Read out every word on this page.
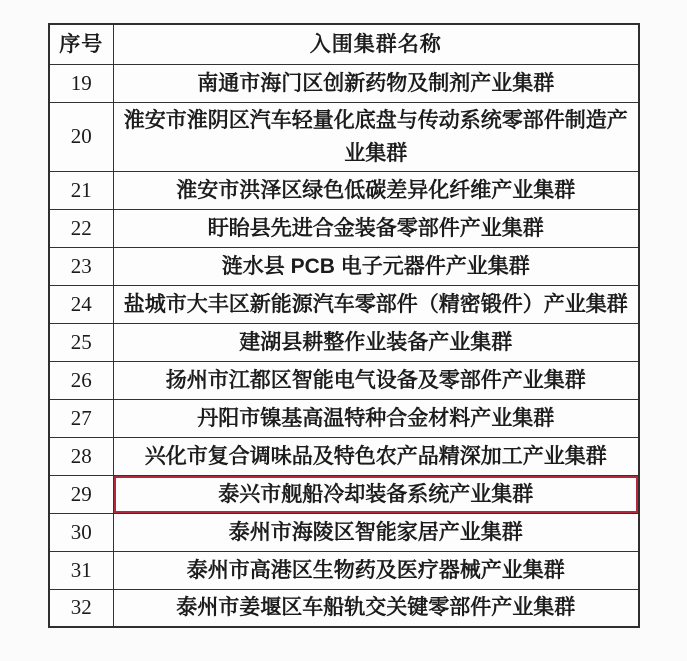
序号	入围集群名称
19	南通市海门区创新药物及制剂产业集群
20	淮安市淮阴区汽车轻量化底盘与传动系统零部件制造产业集群
21	淮安市洪泽区绿色低碳差异化纤维产业集群
22	盱眙县先进合金装备零部件产业集群
23	涟水县 PCB 电子元器件产业集群
24	盐城市大丰区新能源汽车零部件（精密锻件）产业集群
25	建湖县耕整作业装备产业集群
26	扬州市江都区智能电气设备及零部件产业集群
27	丹阳市镍基高温特种合金材料产业集群
28	兴化市复合调味品及特色农产品精深加工产业集群
29	泰兴市舰船冷却装备系统产业集群
30	泰州市海陵区智能家居产业集群
31	泰州市高港区生物药及医疗器械产业集群
32	泰州市姜堰区车船轨交关键零部件产业集群
